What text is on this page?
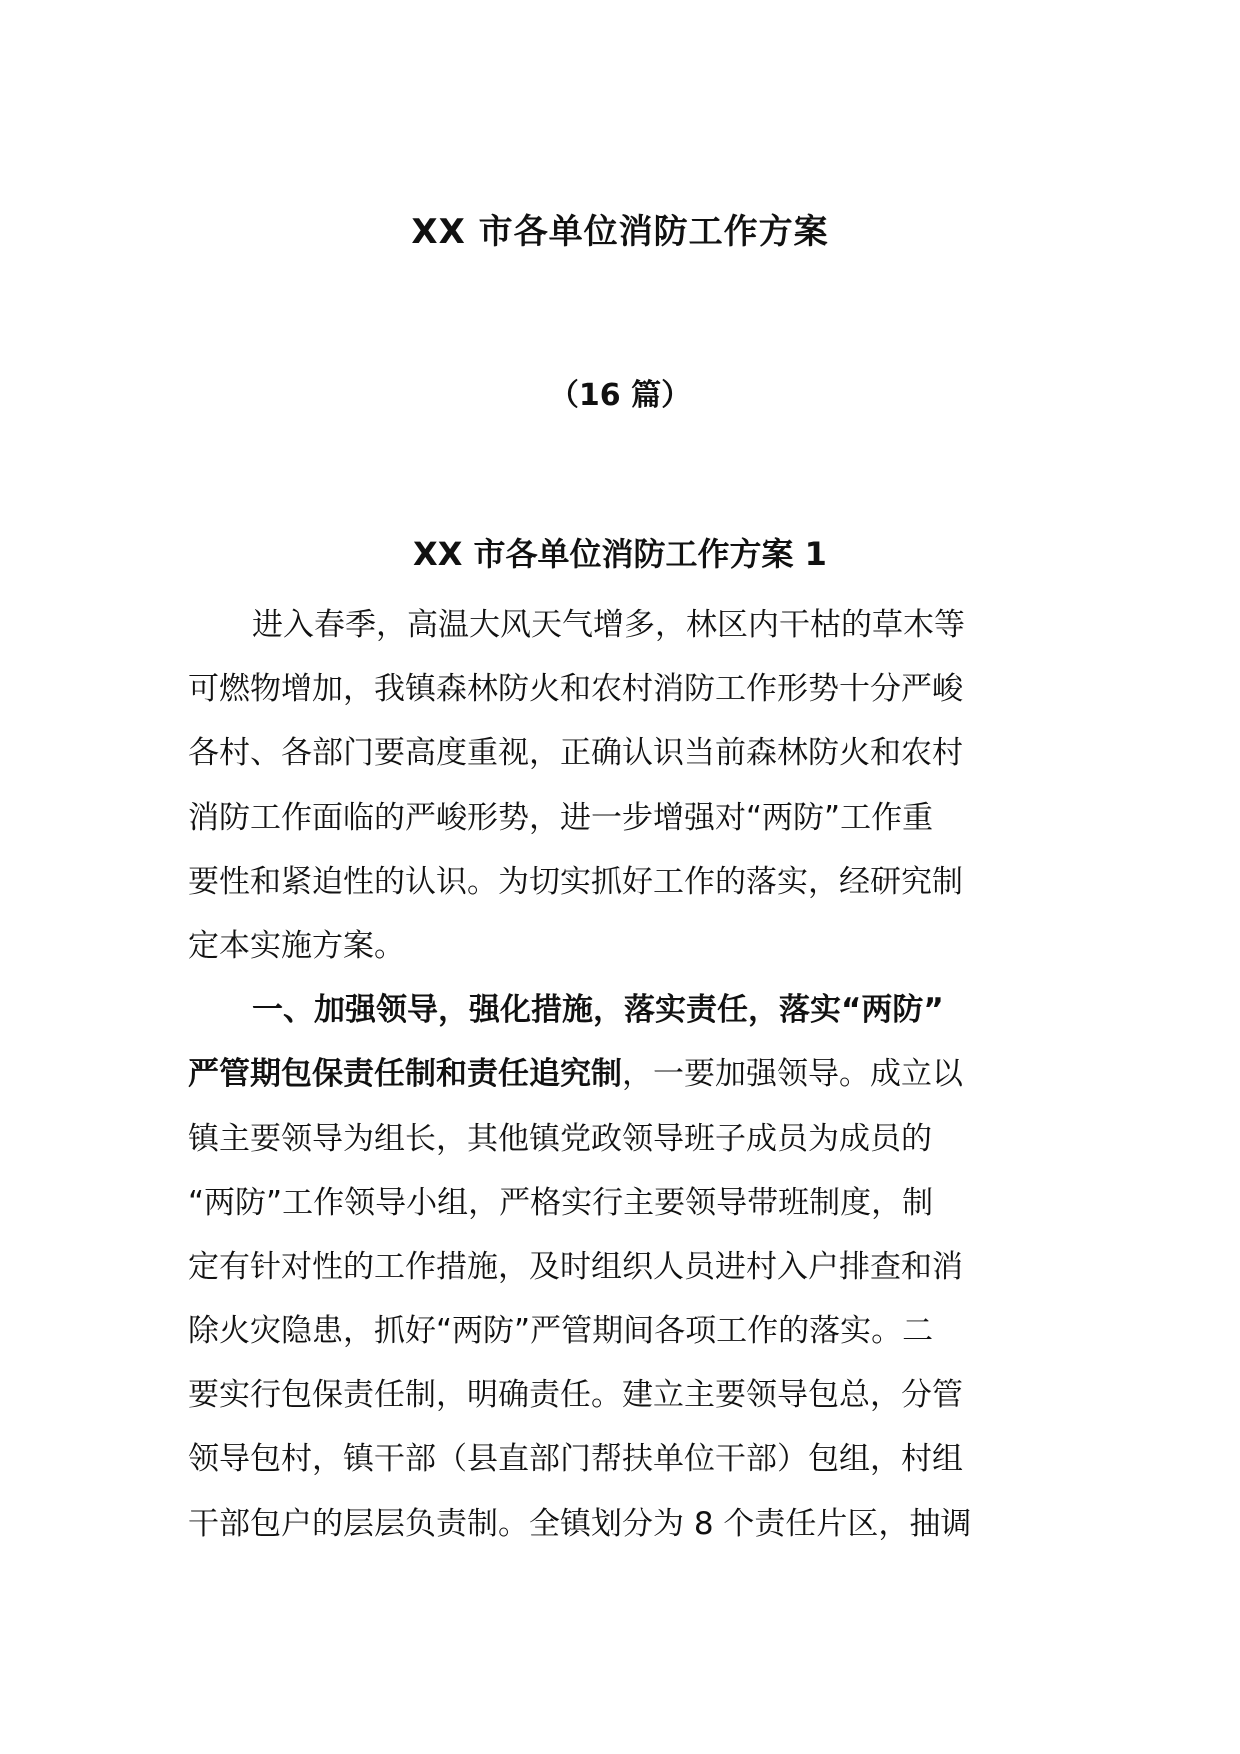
XX 市各单位消防工作方案
（16 篇）
XX 市各单位消防工作方案 1
进入春季，高温大风天气增多，林区内干枯的草木等
可燃物增加，我镇森林防火和农村消防工作形势十分严峻
各村、各部门要高度重视，正确认识当前森林防火和农村
消防工作面临的严峻形势，进一步增强对“两防”工作重
要性和紧迫性的认识。为切实抓好工作的落实，经研究制
定本实施方案。
一、加强领导，强化措施，落实责任，落实“两防”
严管期包保责任制和责任追究制，一要加强领导。成立以
镇主要领导为组长，其他镇党政领导班子成员为成员的
“两防”工作领导小组，严格实行主要领导带班制度，制
定有针对性的工作措施，及时组织人员进村入户排查和消
除火灾隐患，抓好“两防”严管期间各项工作的落实。二
要实行包保责任制，明确责任。建立主要领导包总，分管
领导包村，镇干部（县直部门帮扶单位干部）包组，村组
干部包户的层层负责制。全镇划分为 8 个责任片区，抽调
